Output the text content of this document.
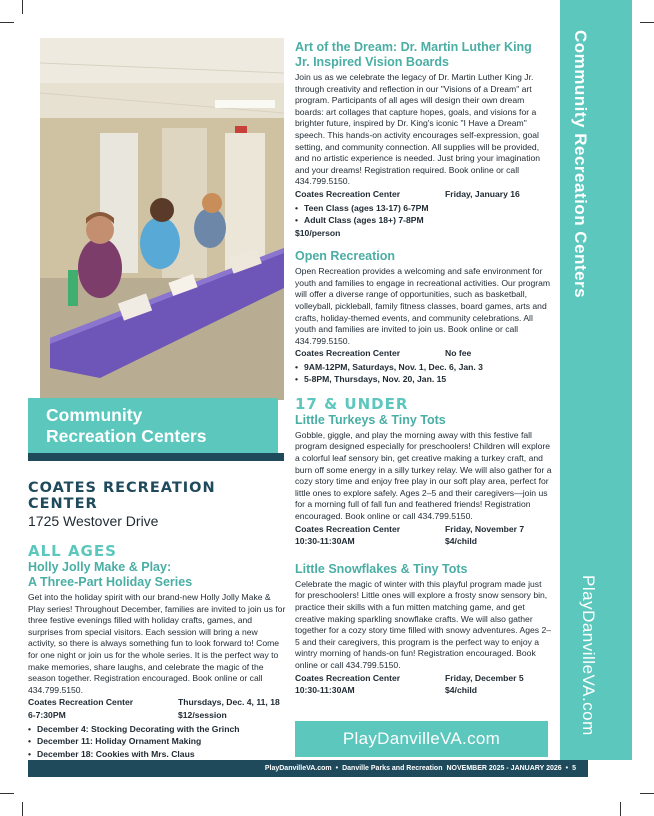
Community Recreation Centers
PlayDanvilleVA.com
Community
Recreation Centers
COATES RECREATION CENTER
1725 Westover Drive
ALL AGES
Holly Jolly Make & Play:
A Three-Part Holiday Series

Get into the holiday spirit with our brand-new Holly Jolly Make & Play series! Throughout December, families are invited to join us for three festive evenings filled with holiday crafts, games, and surprises from special visitors. Each session will bring a new activity, so there is always something fun to look forward to! Come for one night or join us for the whole series. It is the perfect way to make memories, share laughs, and celebrate the magic of the season together. Registration encouraged. Book online or call 434.799.5150.

Coates Recreation Center	Thursdays, Dec. 4, 11, 18
6-7:30PM	$12/session
• December 4: Stocking Decorating with the Grinch
• December 11: Holiday Ornament Making
• December 18: Cookies with Mrs. Claus
Art of the Dream: Dr. Martin Luther King
Jr. Inspired Vision Boards

Join us as we celebrate the legacy of Dr. Martin Luther King Jr. through creativity and reflection in our "Visions of a Dream" art program. Participants of all ages will design their own dream boards: art collages that capture hopes, goals, and visions for a brighter future, inspired by Dr. King's iconic "I Have a Dream" speech. This hands-on activity encourages self-expression, goal setting, and community connection. All supplies will be provided, and no artistic experience is needed. Just bring your imagination and your dreams! Registration required. Book online or call 434.799.5150.

Coates Recreation Center	Friday, January 16
• Teen Class (ages 13-17) 6-7PM
• Adult Class (ages 18+) 7-8PM
$10/person
Open Recreation

Open Recreation provides a welcoming and safe environment for youth and families to engage in recreational activities. Our program will offer a diverse range of opportunities, such as basketball, volleyball, pickleball, family fitness classes, board games, arts and crafts, holiday-themed events, and community celebrations. All youth and families are invited to join us. Book online or call 434.799.5150.

Coates Recreation Center	No fee
• 9AM-12PM, Saturdays, Nov. 1, Dec. 6, Jan. 3
• 5-8PM, Thursdays, Nov. 20, Jan. 15
17 & UNDER
Little Turkeys & Tiny Tots

Gobble, giggle, and play the morning away with this festive fall program designed especially for preschoolers! Children will explore a colorful leaf sensory bin, get creative making a turkey craft, and burn off some energy in a silly turkey relay. We will also gather for a cozy story time and enjoy free play in our soft play area, perfect for little ones to explore safely. Ages 2–5 and their caregivers—join us for a morning full of fall fun and feathered friends! Registration encouraged. Book online or call 434.799.5150.

Coates Recreation Center	Friday, November 7
10:30-11:30AM	$4/child
Little Snowflakes & Tiny Tots

Celebrate the magic of winter with this playful program made just for preschoolers! Little ones will explore a frosty snow sensory bin, practice their skills with a fun mitten matching game, and get creative making sparkling snowflake crafts. We will also gather together for a cozy story time filled with snowy adventures. Ages 2–5 and their caregivers, this program is the perfect way to enjoy a wintry morning of hands-on fun! Registration encouraged. Book online or call 434.799.5150.

Coates Recreation Center	Friday, December 5
10:30-11:30AM	$4/child
PlayDanvilleVA.com
PlayDanvilleVA.com • Danville Parks and Recreation NOVEMBER 2025 - JANUARY 2026 • 5
